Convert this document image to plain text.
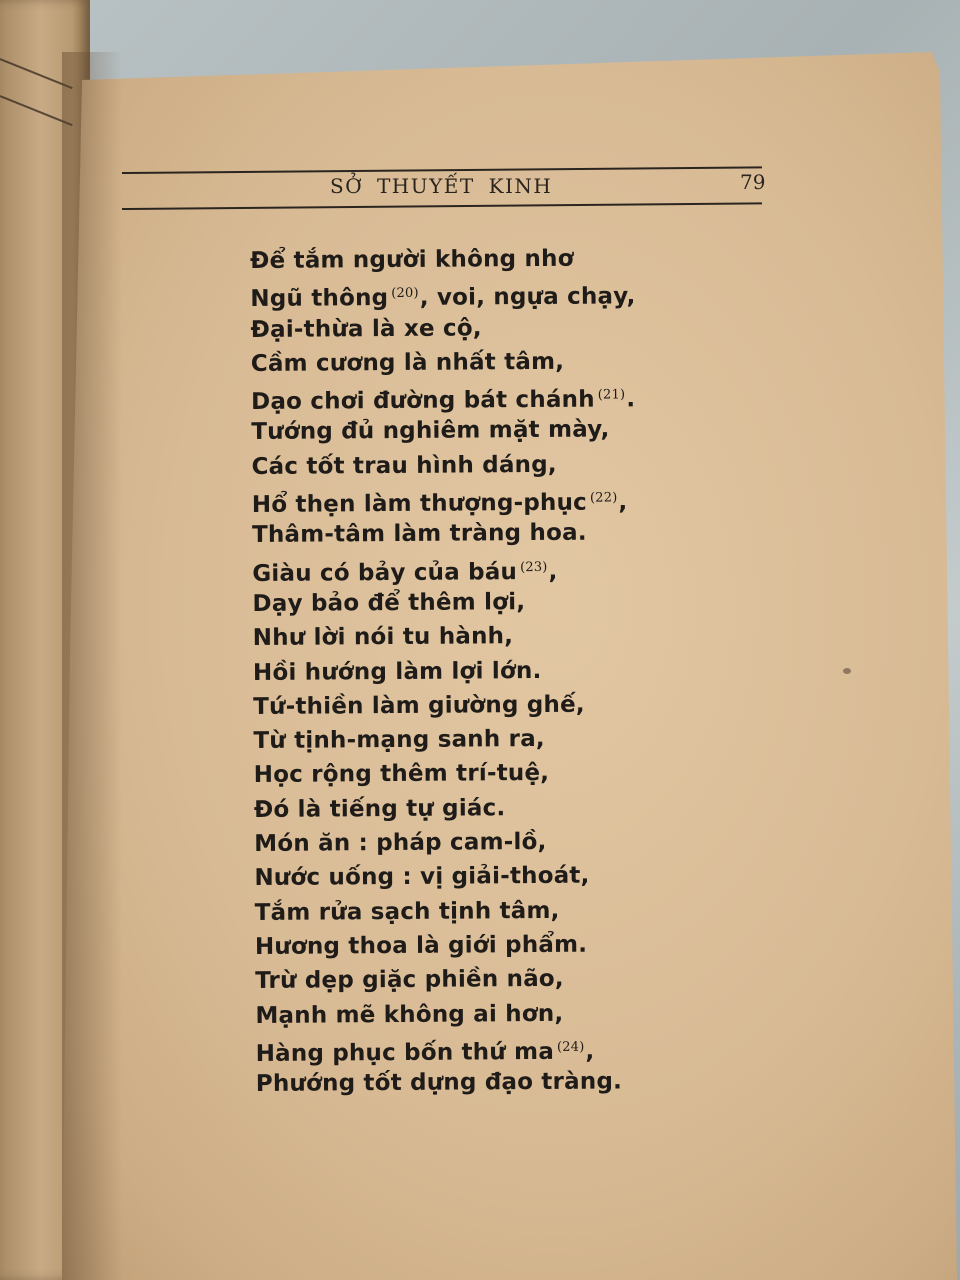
SỞ THUYẾT KINH	79
Để tắm người không nhơ
Ngũ thông $^{(20)}$, voi, ngựa chạy,
Đại-thừa là xe cộ,
Cầm cương là nhất tâm,
Dạo chơi đường bát chánh $^{(21)}$.
Tướng đủ nghiêm mặt mày,
Các tốt trau hình dáng,
Hổ thẹn làm thượng-phục $^{(22)}$,
Thâm-tâm làm tràng hoa.
Giàu có bảy của báu $^{(23)}$,
Dạy bảo để thêm lợi,
Như lời nói tu hành,
Hồi hướng làm lợi lớn.
Tứ-thiền làm giường ghế,
Từ tịnh-mạng sanh ra,
Học rộng thêm trí-tuệ,
Đó là tiếng tự giác.
Món ăn : pháp cam-lồ,
Nước uống : vị giải-thoát,
Tắm rửa sạch tịnh tâm,
Hương thoa là giới phẩm.
Trừ dẹp giặc phiền não,
Mạnh mẽ không ai hơn,
Hàng phục bốn thứ ma $^{(24)}$,
Phướng tốt dựng đạo tràng.
